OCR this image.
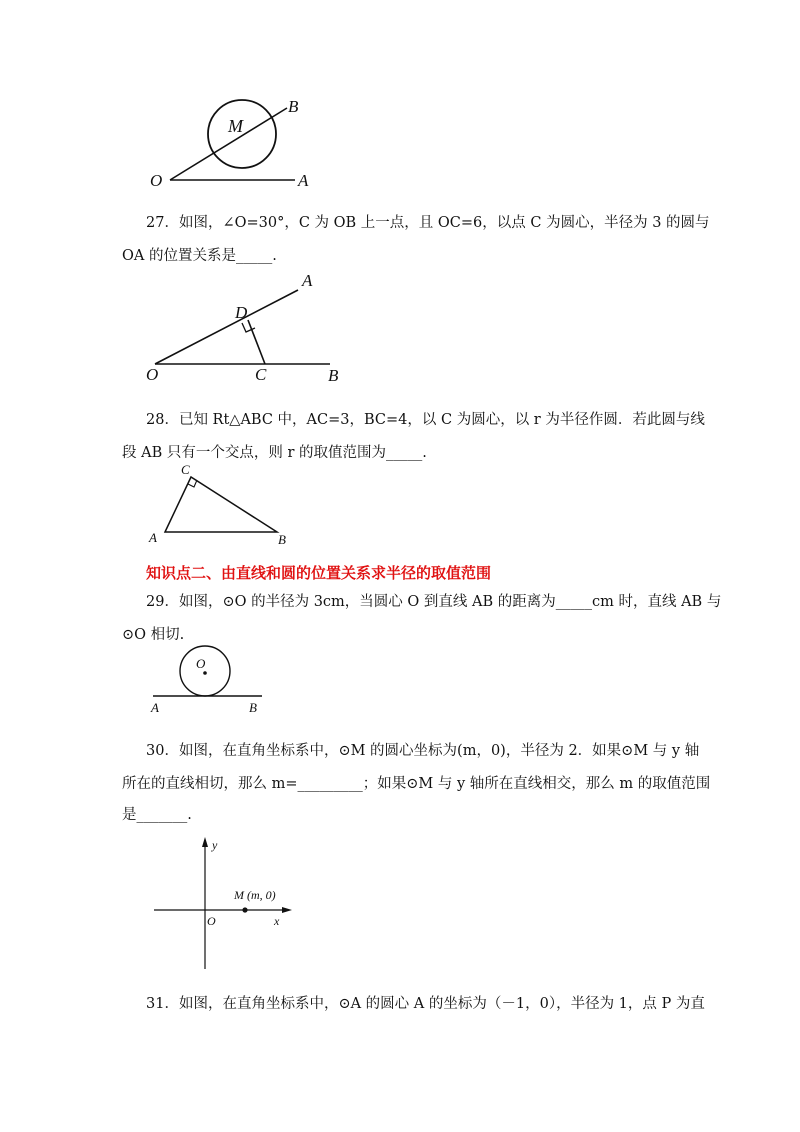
M
B
O	A
27．如图，∠O=30°，C 为 OB 上一点，且 OC=6，以点 C 为圆心，半径为 3 的圆与
OA 的位置关系是_____.
A
D
O	C	B
28．已知 Rt△ABC 中，AC=3，BC=4，以 C 为圆心，以 r 为半径作圆．若此圆与线
段 AB 只有一个交点，则 r 的取值范围为_____.
C
A	B
知识点二、由直线和圆的位置关系求半径的取值范围
29．如图，⊙O 的半径为 3cm，当圆心 O 到直线 AB 的距离为_____cm 时，直线 AB 与
⊙O 相切.
O
A	B
30．如图，在直角坐标系中，⊙M 的圆心坐标为(m，0)，半径为 2．如果⊙M 与 y 轴
所在的直线相切，那么 m=_________；如果⊙M 与 y 轴所在直线相交，那么 m 的取值范围
是_______.
y
x
O
M (m, 0)
31．如图，在直角坐标系中，⊙A 的圆心 A 的坐标为（－1，0），半径为 1，点 P 为直
